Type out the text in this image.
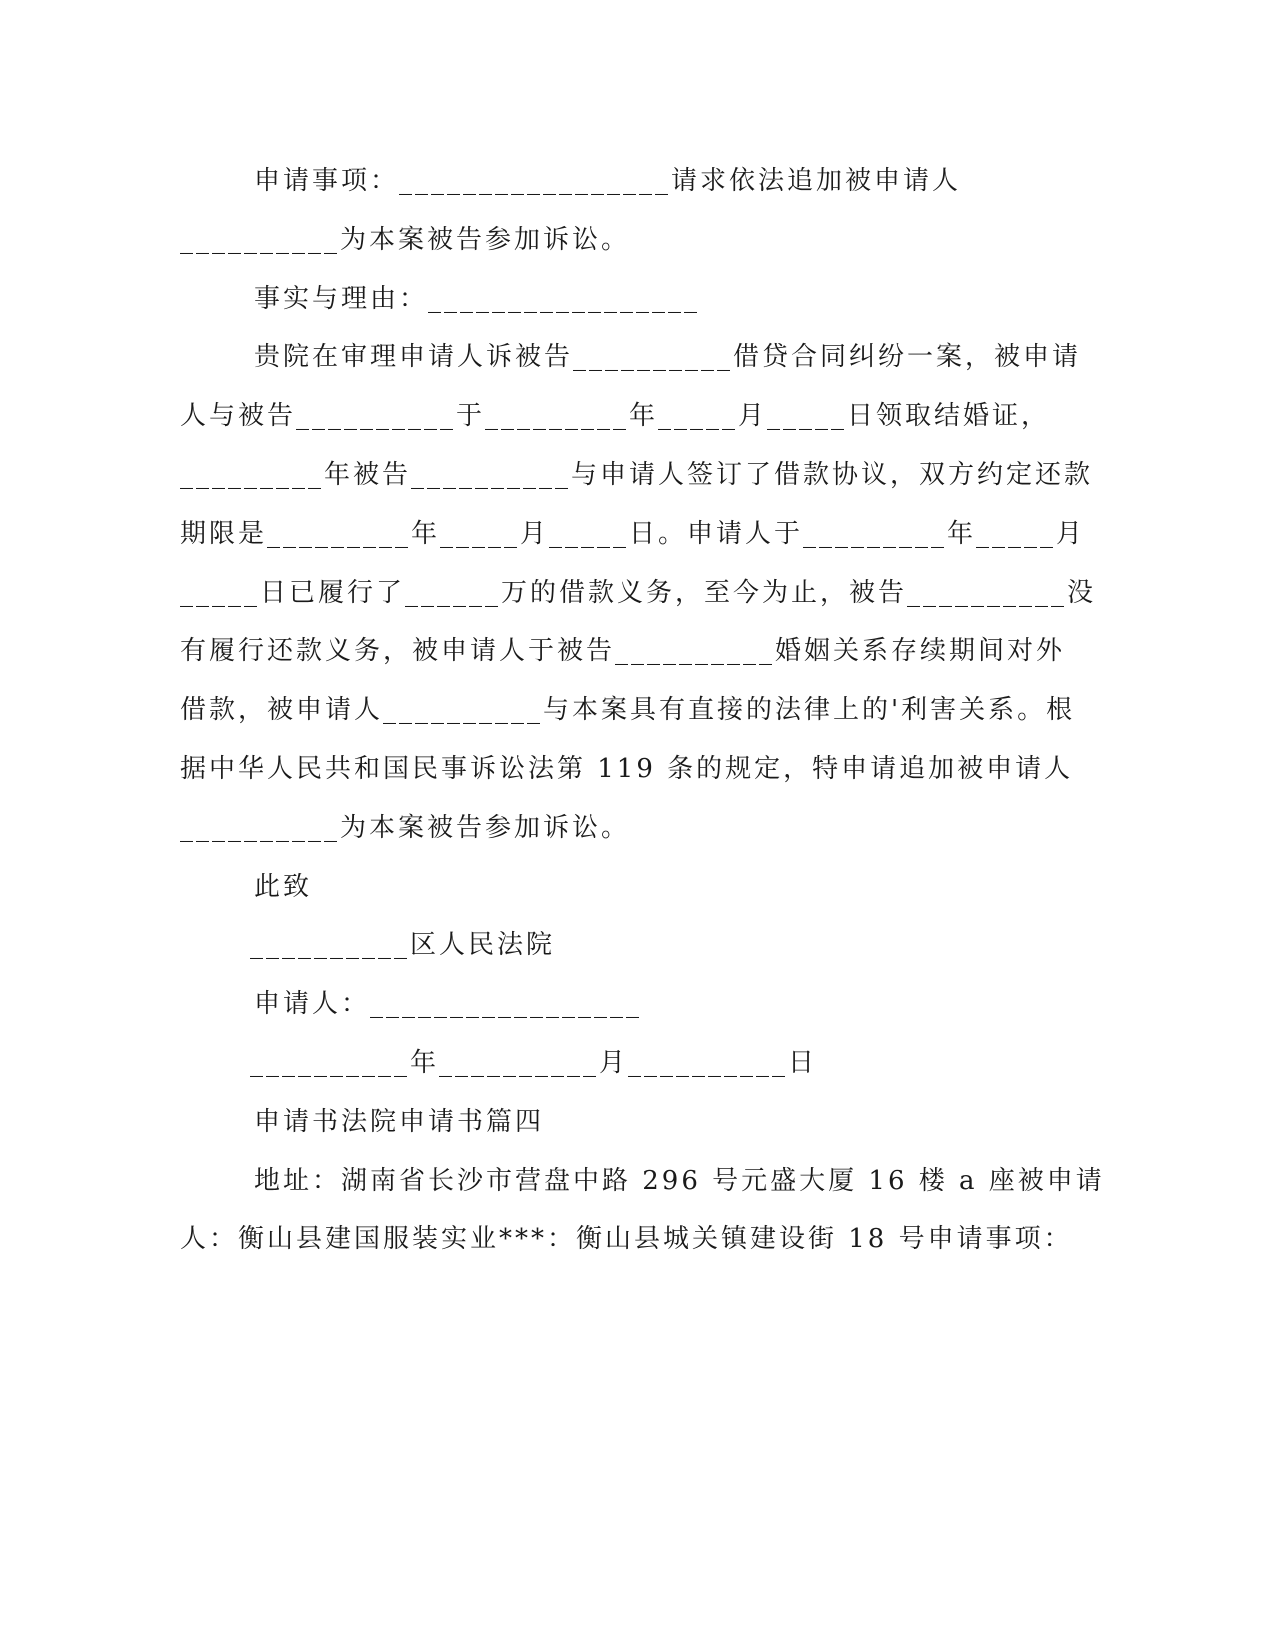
申请事项：_________________请求依法追加被申请人
__________为本案被告参加诉讼。
事实与理由：_________________
贵院在审理申请人诉被告__________借贷合同纠纷一案，被申请
人与被告__________于_________年_____月_____日领取结婚证，
_________年被告__________与申请人签订了借款协议，双方约定还款
期限是_________年_____月_____日。申请人于_________年_____月
_____日已履行了______万的借款义务，至今为止，被告__________没
有履行还款义务，被申请人于被告__________婚姻关系存续期间对外
借款，被申请人__________与本案具有直接的法律上的'利害关系。根
据中华人民共和国民事诉讼法第 119 条的规定，特申请追加被申请人
__________为本案被告参加诉讼。
此致
__________区人民法院
申请人：_________________
__________年__________月__________日
申请书法院申请书篇四
地址：湖南省长沙市营盘中路 296 号元盛大厦 16 楼 a 座被申请
人：衡山县建国服装实业***：衡山县城关镇建设街 18 号申请事项：
